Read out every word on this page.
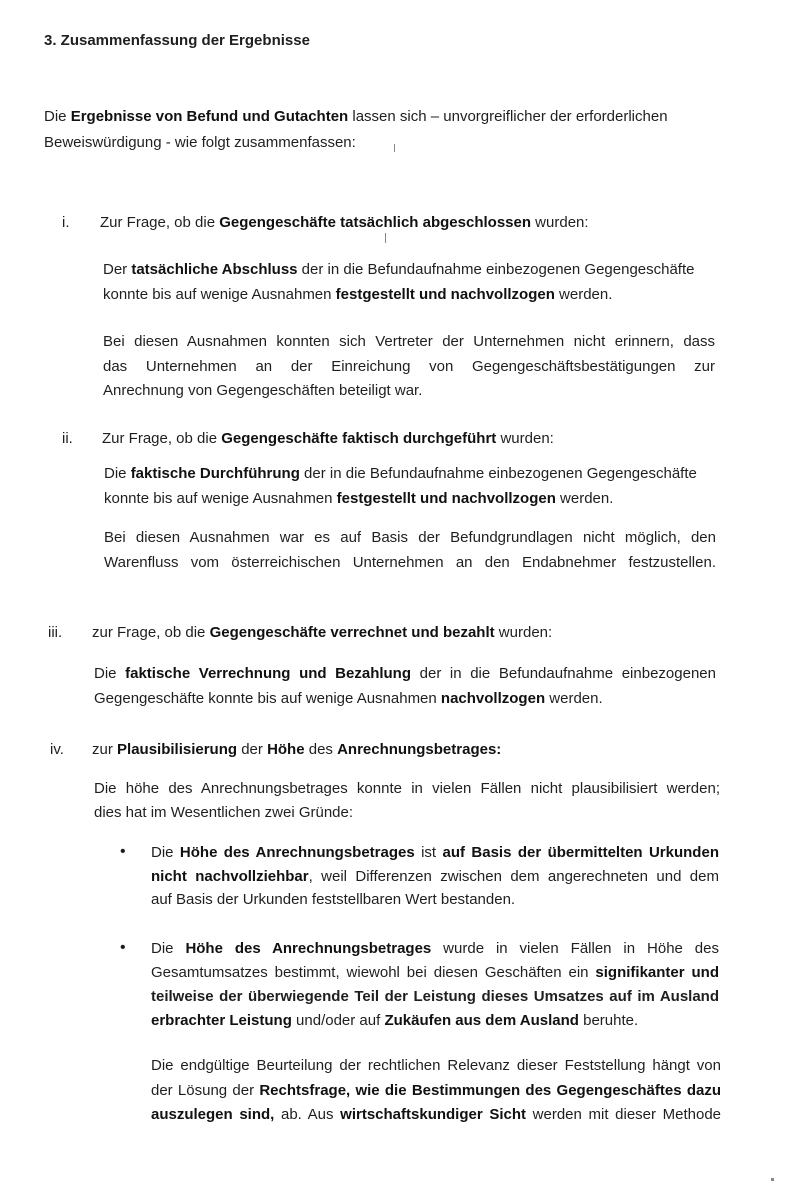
3. Zusammenfassung der Ergebnisse
Die Ergebnisse von Befund und Gutachten lassen sich – unvorgreiflicher der erforderlichen
Beweiswürdigung - wie folgt zusammenfassen:
i. Zur Frage, ob die Gegengeschäfte tatsächlich abgeschlossen wurden:
Der tatsächliche Abschluss der in die Befundaufnahme einbezogenen Gegengeschäfte
konnte bis auf wenige Ausnahmen festgestellt und nachvollzogen werden.
Bei diesen Ausnahmen konnten sich Vertreter der Unternehmen nicht erinnern, dass
das Unternehmen an der Einreichung von Gegengeschäftsbestätigungen zur
Anrechnung von Gegengeschäften beteiligt war.
ii. Zur Frage, ob die Gegengeschäfte faktisch durchgeführt wurden:
Die faktische Durchführung der in die Befundaufnahme einbezogenen Gegengeschäfte
konnte bis auf wenige Ausnahmen festgestellt und nachvollzogen werden.
Bei diesen Ausnahmen war es auf Basis der Befundgrundlagen nicht möglich, den
Warenfluss vom österreichischen Unternehmen an den Endabnehmer festzustellen.
iii. zur Frage, ob die Gegengeschäfte verrechnet und bezahlt wurden:
Die faktische Verrechnung und Bezahlung der in die Befundaufnahme einbezogenen
Gegengeschäfte konnte bis auf wenige Ausnahmen nachvollzogen werden.
iv. zur Plausibilisierung der Höhe des Anrechnungsbetrages:
Die höhe des Anrechnungsbetrages konnte in vielen Fällen nicht plausibilisiert werden;
dies hat im Wesentlichen zwei Gründe:
• Die Höhe des Anrechnungsbetrages ist auf Basis der übermittelten Urkunden
nicht nachvollziehbar, weil Differenzen zwischen dem angerechneten und dem
auf Basis der Urkunden feststellbaren Wert bestanden.
• Die Höhe des Anrechnungsbetrages wurde in vielen Fällen in Höhe des
Gesamtumsatzes bestimmt, wiewohl bei diesen Geschäften ein signifikanter und
teilweise der überwiegende Teil der Leistung dieses Umsatzes auf im Ausland
erbrachter Leistung und/oder auf Zukäufen aus dem Ausland beruhte.
Die endgültige Beurteilung der rechtlichen Relevanz dieser Feststellung hängt von
der Lösung der Rechtsfrage, wie die Bestimmungen des Gegengeschäftes dazu
auszulegen sind, ab. Aus wirtschaftskundiger Sicht werden mit dieser Methode
